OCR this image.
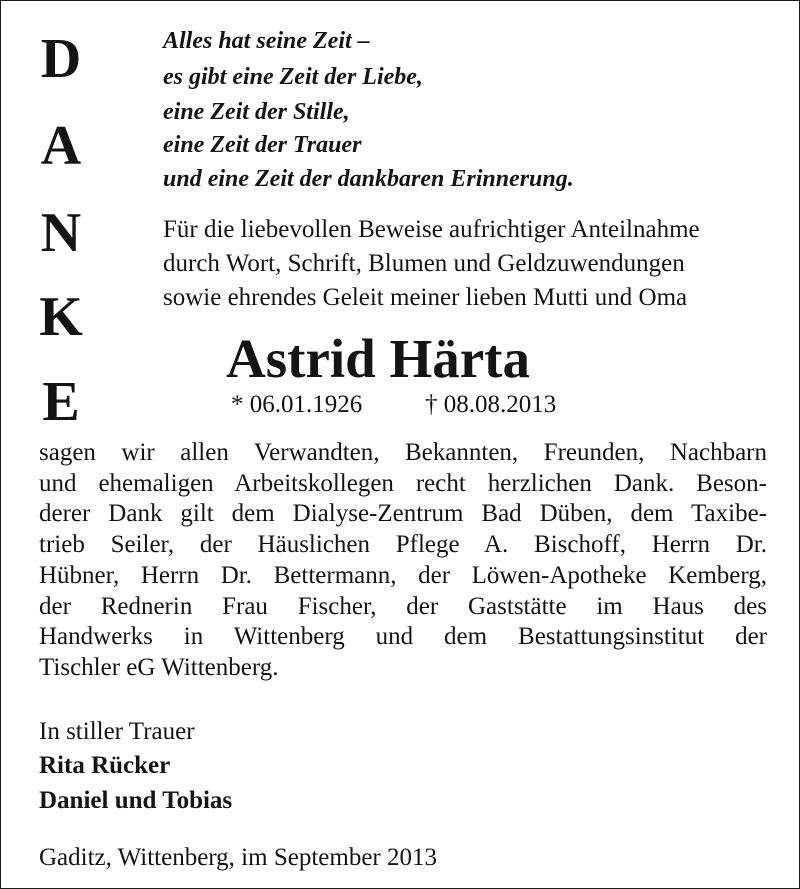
D
A
N
K
E
Alles hat seine Zeit –
es gibt eine Zeit der Liebe,
eine Zeit der Stille,
eine Zeit der Trauer
und eine Zeit der dankbaren Erinnerung.
Für die liebevollen Beweise aufrichtiger Anteilnahme
durch Wort, Schrift, Blumen und Geldzuwendungen
sowie ehrendes Geleit meiner lieben Mutti und Oma
Astrid Härta
* 06.01.1926	† 08.08.2013
sagen wir allen Verwandten, Bekannten, Freunden, Nachbarn
und ehemaligen Arbeitskollegen recht herzlichen Dank. Beson-
derer Dank gilt dem Dialyse-Zentrum Bad Düben, dem Taxibe-
trieb Seiler, der Häuslichen Pflege A. Bischoff, Herrn Dr.
Hübner, Herrn Dr. Bettermann, der Löwen-Apotheke Kemberg,
der Rednerin Frau Fischer, der Gaststätte im Haus des
Handwerks in Wittenberg und dem Bestattungsinstitut der
Tischler eG Wittenberg.
In stiller Trauer
Rita Rücker
Daniel und Tobias
Gaditz, Wittenberg, im September 2013
